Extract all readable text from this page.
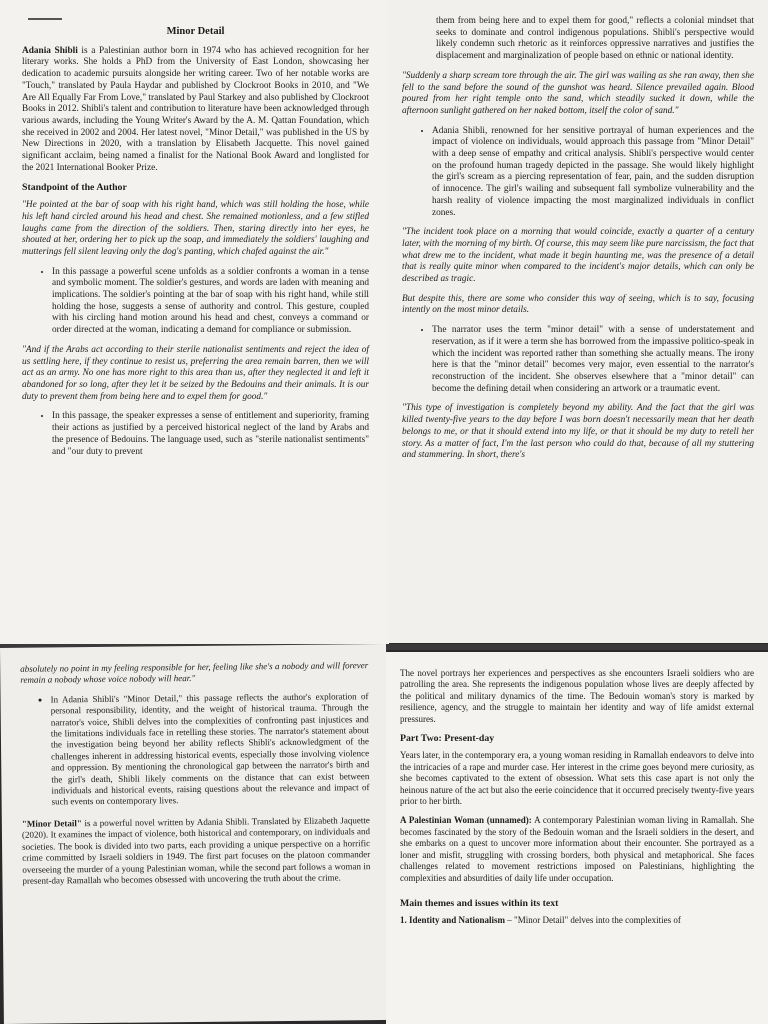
Minor Detail

Adania Shibli is a Palestinian author born in 1974 who has achieved recognition for her literary works. She holds a PhD from the University of East London, showcasing her dedication to academic pursuits alongside her writing career. Two of her notable works are "Touch," translated by Paula Haydar and published by Clockroot Books in 2010, and "We Are All Equally Far From Love," translated by Paul Starkey and also published by Clockroot Books in 2012. Shibli's talent and contribution to literature have been acknowledged through various awards, including the Young Writer's Award by the A. M. Qattan Foundation, which she received in 2002 and 2004. Her latest novel, "Minor Detail," was published in the US by New Directions in 2020, with a translation by Elisabeth Jacquette. This novel gained significant acclaim, being named a finalist for the National Book Award and longlisted for the 2021 International Booker Prize.

Standpoint of the Author
"He pointed at the bar of soap with his right hand, which was still holding the hose, while his left hand circled around his head and chest. She remained motionless, and a few stifled laughs came from the direction of the soldiers. Then, staring directly into her eyes, he shouted at her, ordering her to pick up the soap, and immediately the soldiers' laughing and mutterings fell silent leaving only the dog's panting, which chafed against the air."
• In this passage a powerful scene unfolds as a soldier confronts a woman in a tense and symbolic moment. The soldier's gestures, and words are laden with meaning and implications. The soldier's pointing at the bar of soap with his right hand, while still holding the hose, suggests a sense of authority and control. This gesture, coupled with his circling hand motion around his head and chest, conveys a command or order directed at the woman, indicating a demand for compliance or submission.
"And if the Arabs act according to their sterile nationalist sentiments and reject the idea of us settling here, if they continue to resist us, preferring the area remain barren, then we will act as an army. No one has more right to this area than us, after they neglected it and left it abandoned for so long, after they let it be seized by the Bedouins and their animals. It is our duty to prevent them from being here and to expel them for good."
• In this passage, the speaker expresses a sense of entitlement and superiority, framing their actions as justified by a perceived historical neglect of the land by Arabs and the presence of Bedouins. The language used, such as "sterile nationalist sentiments" and "our duty to prevent

them from being here and to expel them for good," reflects a colonial mindset that seeks to dominate and control indigenous populations. Shibli's perspective would likely condemn such rhetoric as it reinforces oppressive narratives and justifies the displacement and marginalization of people based on ethnic or national identity.

"Suddenly a sharp scream tore through the air. The girl was wailing as she ran away, then she fell to the sand before the sound of the gunshot was heard. Silence prevailed again. Blood poured from her right temple onto the sand, which steadily sucked it down, while the afternoon sunlight gathered on her naked bottom, itself the color of sand."
• Adania Shibli, renowned for her sensitive portrayal of human experiences and the impact of violence on individuals, would approach this passage from "Minor Detail" with a deep sense of empathy and critical analysis. Shibli's perspective would center on the profound human tragedy depicted in the passage. She would likely highlight the girl's scream as a piercing representation of fear, pain, and the sudden disruption of innocence. The girl's wailing and subsequent fall symbolize vulnerability and the harsh reality of violence impacting the most marginalized individuals in conflict zones.
"The incident took place on a morning that would coincide, exactly a quarter of a century later, with the morning of my birth. Of course, this may seem like pure narcissism, the fact that what drew me to the incident, what made it begin haunting me, was the presence of a detail that is really quite minor when compared to the incident's major details, which can only be described as tragic.
But despite this, there are some who consider this way of seeing, which is to say, focusing intently on the most minor details.
• The narrator uses the term "minor detail" with a sense of understatement and reservation, as if it were a term she has borrowed from the impassive politico-speak in which the incident was reported rather than something she actually means. The irony here is that the "minor detail" becomes very major, even essential to the narrator's reconstruction of the incident. She observes elsewhere that a "minor detail" can become the defining detail when considering an artwork or a traumatic event.
"This type of investigation is completely beyond my ability. And the fact that the girl was killed twenty-five years to the day before I was born doesn't necessarily mean that her death belongs to me, or that it should extend into my life, or that it should be my duty to retell her story. As a matter of fact, I'm the last person who could do that, because of all my stuttering and stammering. In short, there's
absolutely no point in my feeling responsible for her, feeling like she's a nobody and will forever remain a nobody whose voice nobody will hear."
• In Adania Shibli's "Minor Detail," this passage reflects the author's exploration of personal responsibility, identity, and the weight of historical trauma. Through the narrator's voice, Shibli delves into the complexities of confronting past injustices and the limitations individuals face in retelling these stories. The narrator's statement about the investigation being beyond her ability reflects Shibli's acknowledgment of the challenges inherent in addressing historical events, especially those involving violence and oppression. By mentioning the chronological gap between the narrator's birth and the girl's death, Shibli likely comments on the distance that can exist between individuals and historical events, raising questions about the relevance and impact of such events on contemporary lives.

"Minor Detail" is a powerful novel written by Adania Shibli. Translated by Elizabeth Jaquette (2020). It examines the impact of violence, both historical and contemporary, on individuals and societies. The book is divided into two parts, each providing a unique perspective on a horrific crime committed by Israeli soldiers in 1949. The first part focuses on the platoon commander overseeing the murder of a young Palestinian woman, while the second part follows a woman in present-day Ramallah who becomes obsessed with uncovering the truth about the crime.

The novel portrays her experiences and perspectives as she encounters Israeli soldiers who are patrolling the area. She represents the indigenous population whose lives are deeply affected by the political and military dynamics of the time. The Bedouin woman's story is marked by resilience, agency, and the struggle to maintain her identity and way of life amidst external pressures.

Part Two: Present-day

Years later, in the contemporary era, a young woman residing in Ramallah endeavors to delve into the intricacies of a rape and murder case. Her interest in the crime goes beyond mere curiosity, as she becomes captivated to the extent of obsession. What sets this case apart is not only the heinous nature of the act but also the eerie coincidence that it occurred precisely twenty-five years prior to her birth.

A Palestinian Woman (unnamed): A contemporary Palestinian woman living in Ramallah. She becomes fascinated by the story of the Bedouin woman and the Israeli soldiers in the desert, and she embarks on a quest to uncover more information about their encounter. She portrayed as a loner and misfit, struggling with crossing borders, both physical and metaphorical. She faces challenges related to movement restrictions imposed on Palestinians, highlighting the complexities and absurdities of daily life under occupation.

Main themes and issues within its text

1. Identity and Nationalism – "Minor Detail" delves into the complexities of
